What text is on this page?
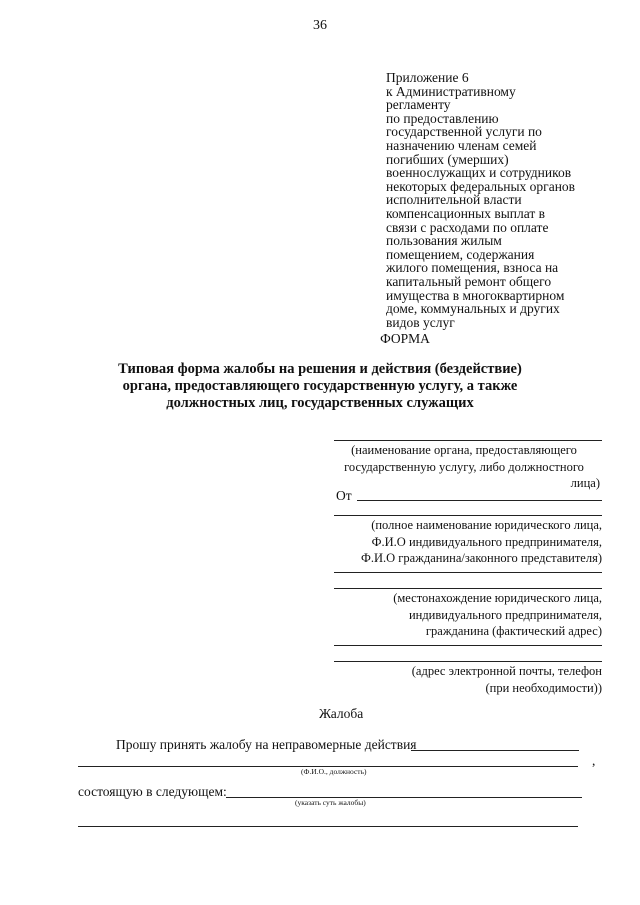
36
Приложение 6
к Административному
регламенту
по предоставлению
государственной услуги по
назначению членам семей
погибших (умерших)
военнослужащих и сотрудников
некоторых федеральных органов
исполнительной власти
компенсационных выплат в
связи с расходами по оплате
пользования жилым
помещением, содержания
жилого помещения, взноса на
капитальный ремонт общего
имущества в многоквартирном
доме, коммунальных и других
видов услуг
ФОРМА
Типовая форма жалобы на решения и действия (бездействие)
органа, предоставляющего государственную услугу, а также
должностных лиц, государственных служащих
(наименование органа, предоставляющего
государственную услугу, либо должностного
лица)
От
(полное наименование юридического лица,
Ф.И.О индивидуального предпринимателя,
Ф.И.О гражданина/законного представителя)
(местонахождение юридического лица,
индивидуального предпринимателя,
гражданина (фактический адрес)
(адрес электронной почты, телефон
(при необходимости))
Жалоба
Прошу принять жалобу на неправомерные действия
,
(Ф.И.О., должность)
состоящую в следующем:
(указать суть жалобы)
